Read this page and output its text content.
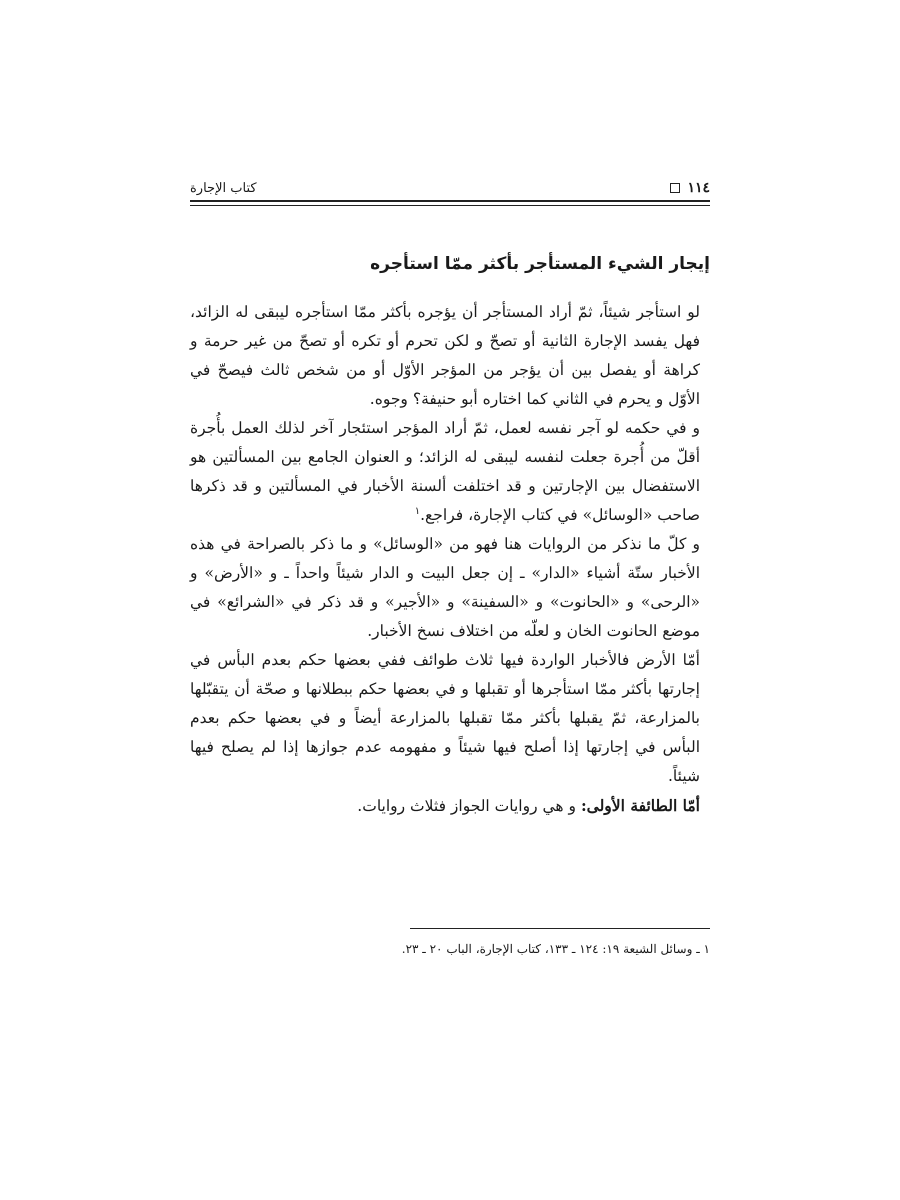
١١٤
كتاب الإجارة
إيجار الشيء المستأجر بأكثر ممّا استأجره

لو استأجر شيئاً، ثمّ أراد المستأجر أن يؤجره بأكثر ممّا استأجره ليبقى له الزائد، فهل يفسد الإجارة الثانية أو تصحّ و لكن تحرم أو تكره أو تصحّ من غير حرمة و كراهة أو يفصل بين أن يؤجر من المؤجر الأوّل أو من شخص ثالث فيصحّ في الأوّل و يحرم في الثاني كما اختاره أبو حنيفة؟ وجوه.

و في حكمه لو آجر نفسه لعمل، ثمّ أراد المؤجر استئجار آخر لذلك العمل بأُجرة أقلّ من أُجرة جعلت لنفسه ليبقى له الزائد؛ و العنوان الجامع بين المسألتين هو الاستفضال بين الإجارتين و قد اختلفت ألسنة الأخبار في المسألتين و قد ذكرها صاحب «الوسائل» في كتاب الإجارة، فراجع.$^١$

و كلّ ما نذكر من الروايات هنا فهو من «الوسائل» و ما ذكر بالصراحة في هذه الأخبار ستّة أشياء «الدار» ـ إن جعل البيت و الدار شيئاً واحداً ـ و «الأرض» و «الرحى» و «الحانوت» و «السفينة» و «الأجير» و قد ذكر في «الشرائع» في موضع الحانوت الخان و لعلّه من اختلاف نسخ الأخبار.

أمّا الأرض فالأخبار الواردة فيها ثلاث طوائف ففي بعضها حكم بعدم البأس في إجارتها بأكثر ممّا استأجرها أو تقبلها و في بعضها حكم ببطلانها و صحّة أن يتقبّلها بالمزارعة، ثمّ يقبلها بأكثر ممّا تقبلها بالمزارعة أيضاً و في بعضها حكم بعدم البأس في إجارتها إذا أصلح فيها شيئاً و مفهومه عدم جوازها إذا لم يصلح فيها شيئاً.

أمّا الطائفة الأولى: و هي روايات الجواز فثلاث روايات.

١ ـ وسائل الشيعة ١٩: ١٢٤ ـ ١٣٣، كتاب الإجارة، الباب ٢٠ ـ ٢٣.
